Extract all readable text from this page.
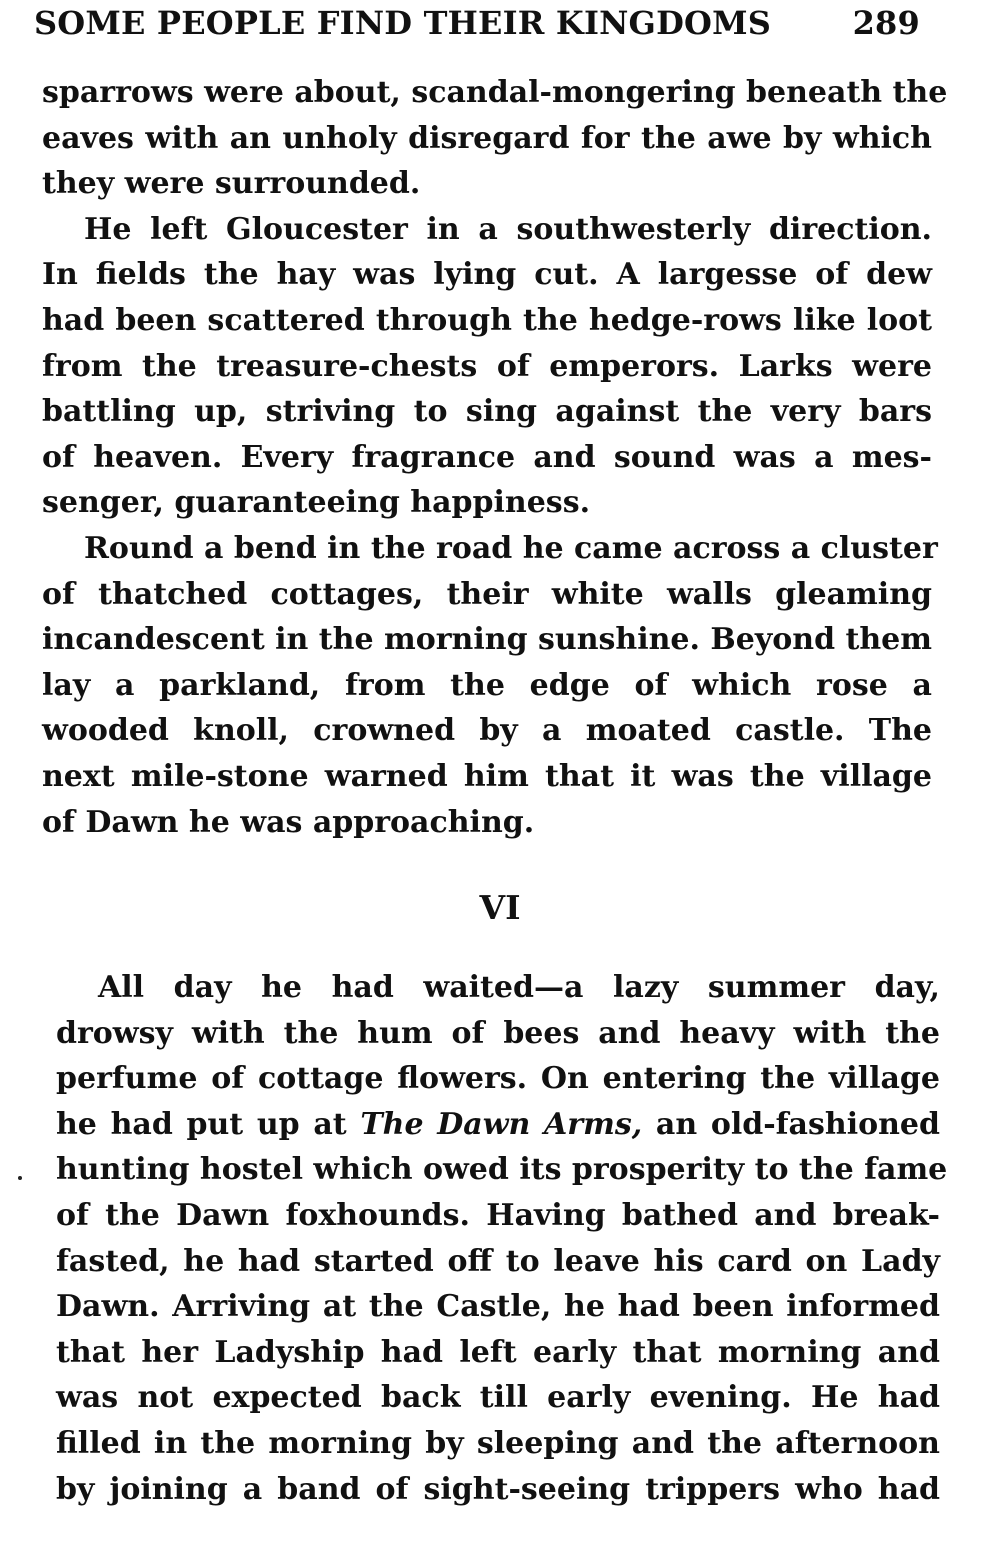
SOME PEOPLE FIND THEIR KINGDOMS	289
sparrows were about, scandal-mongering beneath the
eaves with an unholy disregard for the awe by which
they were surrounded.
He left Gloucester in a southwesterly direction.
In fields the hay was lying cut. A largesse of dew
had been scattered through the hedge-rows like loot
from the treasure-chests of emperors. Larks were
battling up, striving to sing against the very bars
of heaven. Every fragrance and sound was a mes-
senger, guaranteeing happiness.
Round a bend in the road he came across a cluster
of thatched cottages, their white walls gleaming
incandescent in the morning sunshine. Beyond them
lay a parkland, from the edge of which rose a
wooded knoll, crowned by a moated castle. The
next mile-stone warned him that it was the village
of Dawn he was approaching.
VI
All day he had waited—a lazy summer day,
drowsy with the hum of bees and heavy with the
perfume of cottage flowers. On entering the village
he had put up at The Dawn Arms, an old-fashioned
hunting hostel which owed its prosperity to the fame
of the Dawn foxhounds. Having bathed and break-
fasted, he had started off to leave his card on Lady
Dawn. Arriving at the Castle, he had been informed
that her Ladyship had left early that morning and
was not expected back till early evening. He had
filled in the morning by sleeping and the afternoon
by joining a band of sight-seeing trippers who had
